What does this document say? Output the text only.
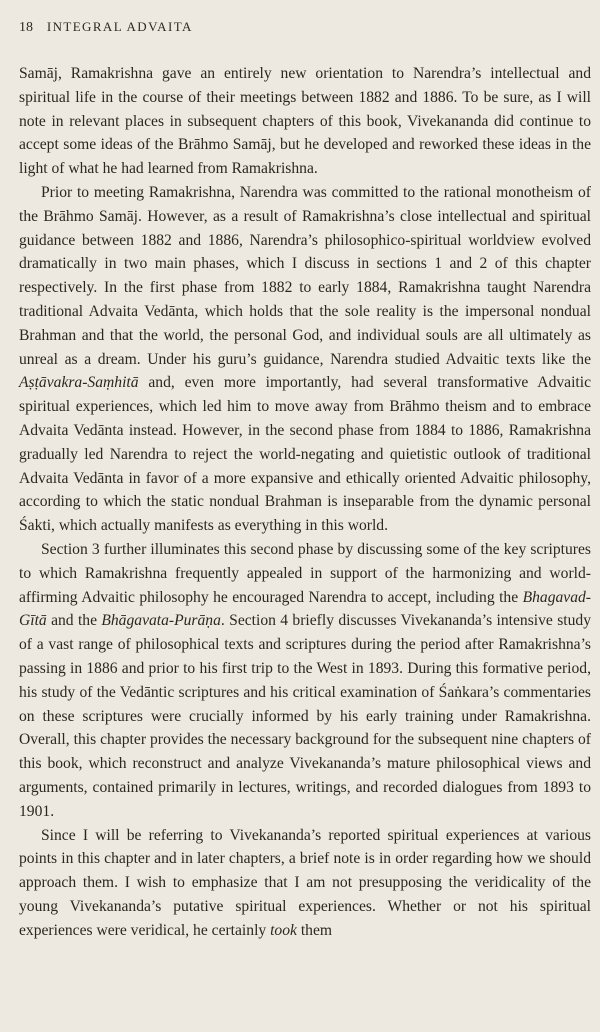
18 INTEGRAL ADVAITA

Samāj, Ramakrishna gave an entirely new orientation to Narendra’s intellectual and spiritual life in the course of their meetings between 1882 and 1886. To be sure, as I will note in relevant places in subsequent chapters of this book, Vivekananda did continue to accept some ideas of the Brāhmo Samāj, but he developed and reworked these ideas in the light of what he had learned from Ramakrishna.

Prior to meeting Ramakrishna, Narendra was committed to the rational monotheism of the Brāhmo Samāj. However, as a result of Ramakrishna’s close intellectual and spiritual guidance between 1882 and 1886, Narendra’s philosophico-spiritual worldview evolved dramatically in two main phases, which I discuss in sections 1 and 2 of this chapter respectively. In the first phase from 1882 to early 1884, Ramakrishna taught Narendra traditional Advaita Vedānta, which holds that the sole reality is the impersonal nondual Brahman and that the world, the personal God, and individual souls are all ultimately as unreal as a dream. Under his guru’s guidance, Narendra studied Advaitic texts like the Aṣṭāvakra-Saṃhitā and, even more importantly, had several transformative Advaitic spiritual experiences, which led him to move away from Brāhmo theism and to embrace Advaita Vedānta instead. However, in the second phase from 1884 to 1886, Ramakrishna gradually led Narendra to reject the world-negating and quietistic outlook of traditional Advaita Vedānta in favor of a more expansive and ethically oriented Advaitic philosophy, according to which the static nondual Brahman is inseparable from the dynamic personal Śakti, which actually manifests as everything in this world.

Section 3 further illuminates this second phase by discussing some of the key scriptures to which Ramakrishna frequently appealed in support of the harmonizing and world-affirming Advaitic philosophy he encouraged Narendra to accept, including the Bhagavad-Gītā and the Bhāgavata-Purāṇa. Section 4 briefly discusses Vivekananda’s intensive study of a vast range of philosophical texts and scriptures during the period after Ramakrishna’s passing in 1886 and prior to his first trip to the West in 1893. During this formative period, his study of the Vedāntic scriptures and his critical examination of Śaṅkara’s commentaries on these scriptures were crucially informed by his early training under Ramakrishna. Overall, this chapter provides the necessary background for the subsequent nine chapters of this book, which reconstruct and analyze Vivekananda’s mature philosophical views and arguments, contained primarily in lectures, writings, and recorded dialogues from 1893 to 1901.

Since I will be referring to Vivekananda’s reported spiritual experiences at various points in this chapter and in later chapters, a brief note is in order regarding how we should approach them. I wish to emphasize that I am not presupposing the veridicality of the young Vivekananda’s putative spiritual experiences. Whether or not his spiritual experiences were veridical, he certainly took them
